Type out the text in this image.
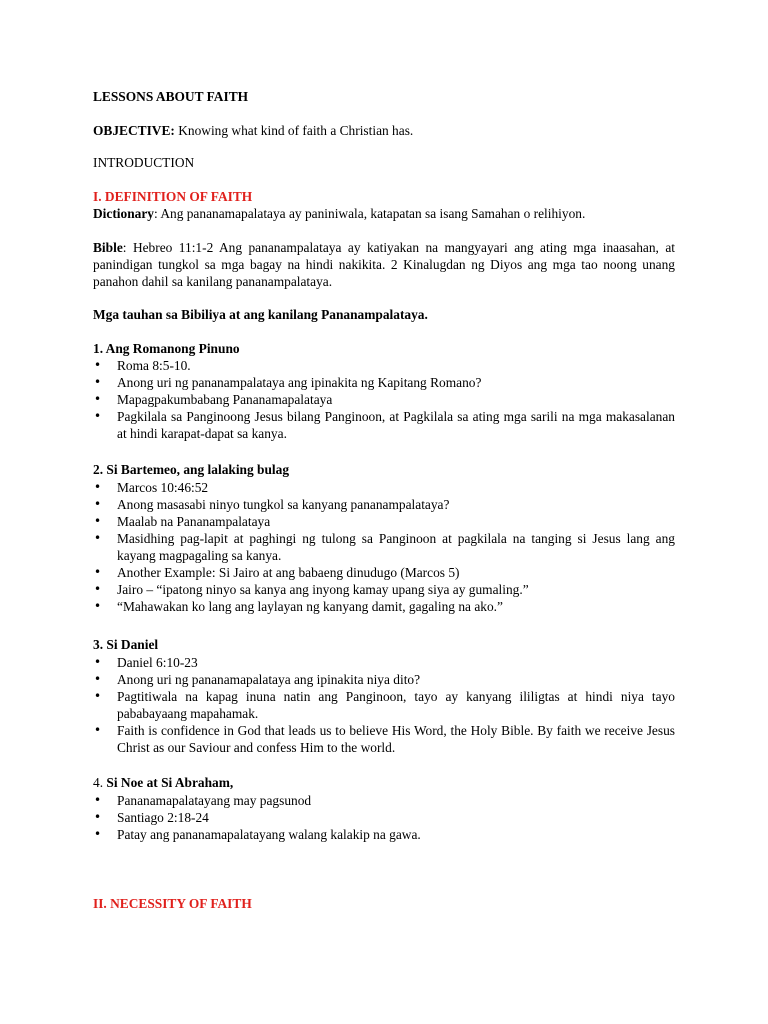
LESSONS ABOUT FAITH
OBJECTIVE: Knowing what kind of faith a Christian has.
INTRODUCTION
I. DEFINITION OF FAITH
Dictionary: Ang pananamapalataya ay paniniwala, katapatan sa isang Samahan o relihiyon.
Bible: Hebreo 11:1-2 Ang pananampalataya ay katiyakan na mangyayari ang ating mga inaasahan, at panindigan tungkol sa mga bagay na hindi nakikita. 2 Kinalugdan ng Diyos ang mga tao noong unang panahon dahil sa kanilang pananampalataya.
Mga tauhan sa Bibiliya at ang kanilang Pananampalataya.
1. Ang Romanong Pinuno
• Roma 8:5-10.
• Anong uri ng pananampalataya ang ipinakita ng Kapitang Romano?
• Mapagpakumbabang Pananamapalataya
• Pagkilala sa Panginoong Jesus bilang Panginoon, at Pagkilala sa ating mga sarili na mga makasalanan at hindi karapat-dapat sa kanya.
2. Si Bartemeo, ang lalaking bulag
• Marcos 10:46:52
• Anong masasabi ninyo tungkol sa kanyang pananampalataya?
• Maalab na Pananampalataya
• Masidhing pag-lapit at paghingi ng tulong sa Panginoon at pagkilala na tanging si Jesus lang ang kayang magpagaling sa kanya.
• Another Example: Si Jairo at ang babaeng dinudugo (Marcos 5)
• Jairo – “ipatong ninyo sa kanya ang inyong kamay upang siya ay gumaling.”
• “Mahawakan ko lang ang laylayan ng kanyang damit, gagaling na ako.”
3. Si Daniel
• Daniel 6:10-23
• Anong uri ng pananamapalataya ang ipinakita niya dito?
• Pagtitiwala na kapag inuna natin ang Panginoon, tayo ay kanyang ililigtas at hindi niya tayo pababayaang mapahamak.
• Faith is confidence in God that leads us to believe His Word, the Holy Bible. By faith we receive Jesus Christ as our Saviour and confess Him to the world.
4. Si Noe at Si Abraham,
• Pananamapalatayang may pagsunod
• Santiago 2:18-24
• Patay ang pananamapalatayang walang kalakip na gawa.
II. NECESSITY OF FAITH
